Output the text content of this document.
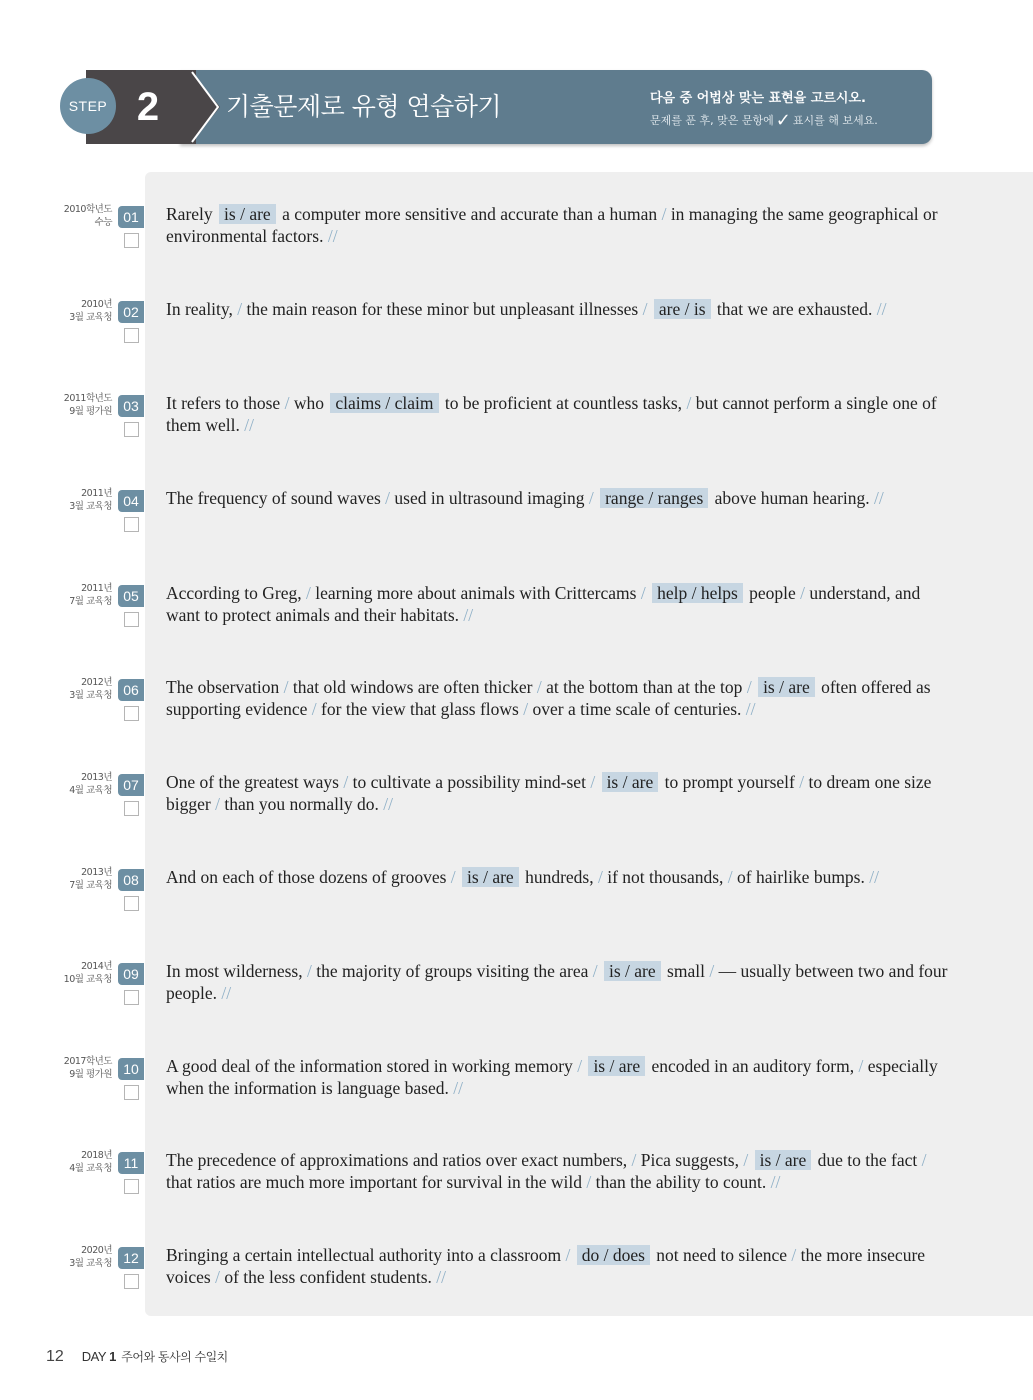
STEP 2	기출문제로 유형 연습하기	다음 중 어법상 맞는 표현을 고르시오.
문제를 푼 후, 맞은 문항에 ✓ 표시를 해 보세요.
2010학년도
수능 01 Rarely is / are a computer more sensitive and accurate than a human / in managing the same geographical or environmental factors. //
2010년
3월 교육청 02 In reality, / the main reason for these minor but unpleasant illnesses / are / is that we are exhausted. //
2011학년도
9월 평가원 03 It refers to those / who claims / claim to be proficient at countless tasks, / but cannot perform a single one of them well. //
2011년
3월 교육청 04 The frequency of sound waves / used in ultrasound imaging / range / ranges above human hearing. //
2011년
7월 교육청 05 According to Greg, / learning more about animals with Crittercams / help / helps people / understand, and want to protect animals and their habitats. //
2012년
3월 교육청 06 The observation / that old windows are often thicker / at the bottom than at the top / is / are often offered as supporting evidence / for the view that glass flows / over a time scale of centuries. //
2013년
4월 교육청 07 One of the greatest ways / to cultivate a possibility mind-set / is / are to prompt yourself / to dream one size bigger / than you normally do. //
2013년
7월 교육청 08 And on each of those dozens of grooves / is / are hundreds, / if not thousands, / of hairlike bumps. //
2014년
10월 교육청 09 In most wilderness, / the majority of groups visiting the area / is / are small / — usually between two and four people. //
2017학년도
9월 평가원 10 A good deal of the information stored in working memory / is / are encoded in an auditory form, / especially when the information is language based. //
2018년
4월 교육청 11	The precedence of approximations and ratios over exact numbers, / Pica suggests, / is / are due to the fact / that ratios are much more important for survival in the wild / than the ability to count. //
2020년
3월 교육청 12 Bringing a certain intellectual authority into a classroom / do / does not need to silence / the more insecure voices / of the less confident students. //
12 DAY 1 주어와 동사의 수일치
